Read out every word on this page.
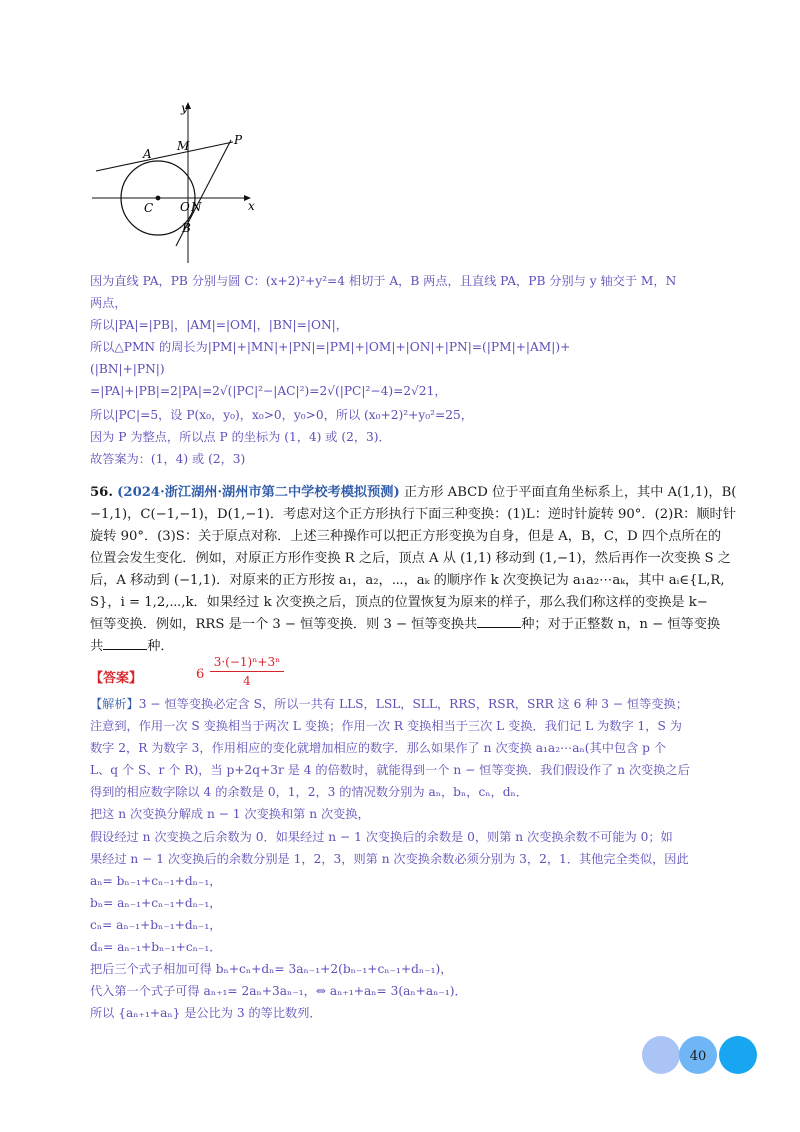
y
x
A
M	P
C O N
B
因为直线 PA，PB 分别与圆 C：(x+2)²+y²=4 相切于 A，B 两点，且直线 PA，PB 分别与 y 轴交于 M，N
两点，
所以|PA|=|PB|，|AM|=|OM|，|BN|=|ON|，
所以△PMN 的周长为|PM|+|MN|+|PN|=|PM|+|OM|+|ON|+|PN|=(|PM|+|AM|)+
(|BN|+|PN|)
=|PA|+|PB|=2|PA|=2√(|PC|²−|AC|²)=2√(|PC|²−4)=2√21，
所以|PC|=5，设 P(x₀，y₀)，x₀>0，y₀>0，所以 (x₀+2)²+y₀²=25，
因为 P 为整点，所以点 P 的坐标为 (1，4) 或 (2，3)．
故答案为：(1，4) 或 (2，3)
56. (2024·浙江湖州·湖州市第二中学校考模拟预测) 正方形 ABCD 位于平面直角坐标系上，其中 A(1,1)，B(
−1,1)，C(−1,−1)，D(1,−1)．考虑对这个正方形执行下面三种变换：(1)L：逆时针旋转 90°．(2)R：顺时针
旋转 90°．(3)S：关于原点对称．上述三种操作可以把正方形变换为自身，但是 A，B，C，D 四个点所在的
位置会发生变化．例如，对原正方形作变换 R 之后，顶点 A 从 (1,1) 移动到 (1,−1)，然后再作一次变换 S 之
后，A 移动到 (−1,1)．对原来的正方形按 a₁，a₂，⋯，aₖ 的顺序作 k 次变换记为 a₁a₂⋯aₖ，其中 aᵢ∈{L,R,
S}，i = 1,2,⋯,k．如果经过 k 次变换之后，顶点的位置恢复为原来的样子，那么我们称这样的变换是 k−
恒等变换．例如，RRS 是一个 3 − 恒等变换．则 3 − 恒等变换共	种；对于正整数 n，n − 恒等变换
共	种．
【答案】	$6 \frac{\text{3·(−1)ⁿ+3ⁿ}}{4}$
【解析】3 − 恒等变换必定含 S，所以一共有 LLS，LSL，SLL，RRS，RSR，SRR 这 6 种 3 − 恒等变换；
注意到，作用一次 S 变换相当于两次 L 变换；作用一次 R 变换相当于三次 L 变换．我们记 L 为数字 1，S 为
数字 2，R 为数字 3，作用相应的变化就增加相应的数字．那么如果作了 n 次变换 a₁a₂⋯aₙ(其中包含 p 个
L、q 个 S、r 个 R)，当 p+2q+3r 是 4 的倍数时，就能得到一个 n − 恒等变换．我们假设作了 n 次变换之后
得到的相应数字除以 4 的余数是 0，1，2，3 的情况数分别为 aₙ，bₙ，cₙ，dₙ．
把这 n 次变换分解成 n − 1 次变换和第 n 次变换，
假设经过 n 次变换之后余数为 0．如果经过 n − 1 次变换后的余数是 0，则第 n 次变换余数不可能为 0；如
果经过 n − 1 次变换后的余数分别是 1，2，3，则第 n 次变换余数必须分别为 3，2，1．其他完全类似，因此
aₙ= bₙ₋₁+cₙ₋₁+dₙ₋₁，
bₙ= aₙ₋₁+cₙ₋₁+dₙ₋₁，
cₙ= aₙ₋₁+bₙ₋₁+dₙ₋₁，
dₙ= aₙ₋₁+bₙ₋₁+cₙ₋₁．
把后三个式子相加可得 bₙ+cₙ+dₙ= 3aₙ₋₁+2(bₙ₋₁+cₙ₋₁+dₙ₋₁)，
代入第一个式子可得 aₙ₊₁= 2aₙ+3aₙ₋₁，⇔ aₙ₊₁+aₙ= 3(aₙ+aₙ₋₁)．
所以 {aₙ₊₁+aₙ} 是公比为 3 的等比数列．
40
